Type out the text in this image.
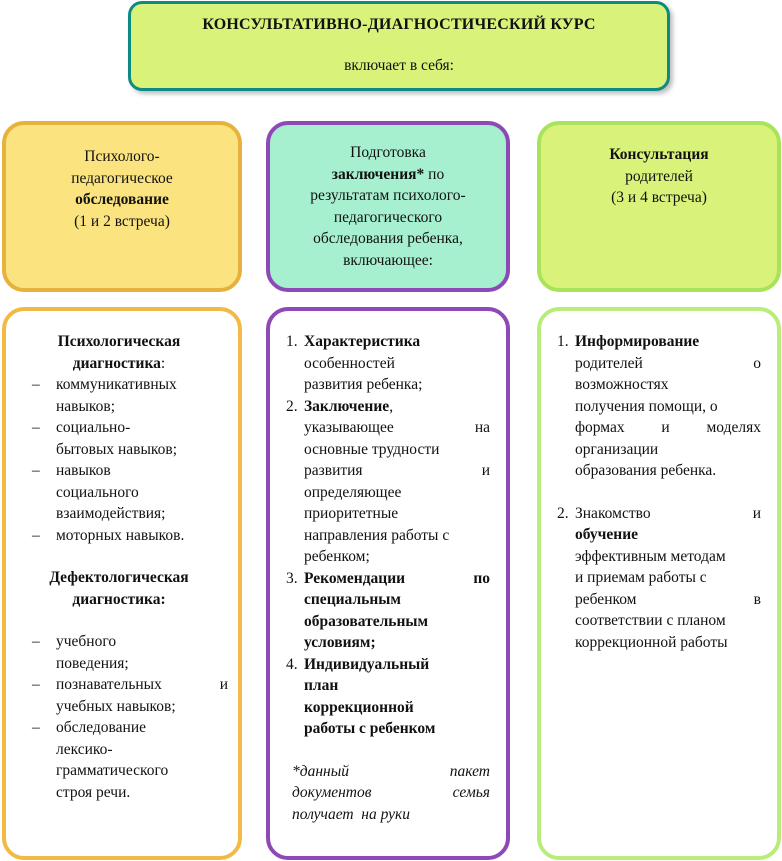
КОНСУЛЬТАТИВНО-ДИАГНОСТИЧЕСКИЙ КУРС
включает в себя:
Психолого-
педагогическое
обследование
(1 и 2 встреча)
Подготовка
заключения* по
результатам психолого-
педагогического
обследования ребенка,
включающее:
Консультация
родителей
(3 и 4 встреча)
Психологическая
диагностика:
– коммуникативных
навыков;
– социально-
бытовых навыков;
– навыков
социального
взаимодействия;
– моторных навыков.
Дефектологическая
диагностика:
– учебного
поведения;
– познавательных	и
учебных навыков;
– обследование
лексико-
грамматического
строя речи.
1. Характеристика
особенностей
развития ребенка;
2. Заключение,
указывающее	на
основные трудности
развития	и
определяющее
приоритетные
направления работы с
ребенком;
3. Рекомендации	по
специальным
образовательным
условиям;
4. Индивидуальный
план
коррекционной
работы с ребенком
*данный	пакет
документов	семья
получает  на руки
1. Информирование
родителей	о
возможностях
получения помощи, о
формах и моделях
организации
образования ребенка.
2. Знакомство	и
обучение
эффективным методам
и приемам работы с
ребенком	в
соответствии с планом
коррекционной работы
